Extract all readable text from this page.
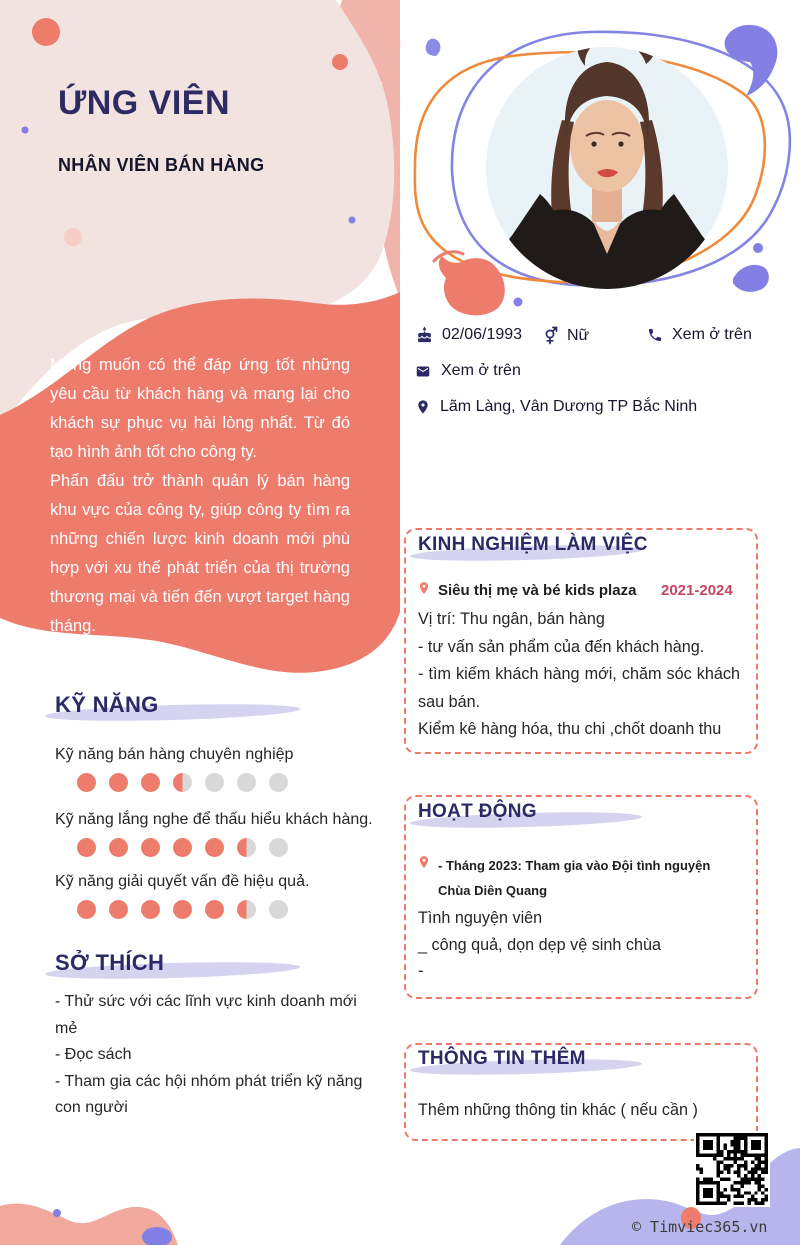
ỨNG VIÊN
NHÂN VIÊN BÁN HÀNG
Mong muốn có thể đáp ứng tốt những yêu cầu từ khách hàng và mang lại cho khách sự phục vụ hài lòng nhất. Từ đó tạo hình ảnh tốt cho công ty.
Phấn đấu trở thành quản lý bán hàng khu vực của công ty, giúp công ty tìm ra những chiến lược kinh doanh mới phù hợp với xu thế phát triển của thị trường thương mại và tiến đến vượt target hàng tháng.
KỸ NĂNG
Kỹ năng bán hàng chuyên nghiệp
Kỹ năng lắng nghe để thấu hiểu khách hàng.
Kỹ năng giải quyết vấn đề hiệu quả.
SỞ THÍCH
- Thử sức với các lĩnh vực kinh doanh mới mẻ
- Đọc sách
- Tham gia các hội nhóm phát triển kỹ năng con người
02/06/1993	Nữ	Xem ở trên
Xem ở trên
Lãm Làng, Vân Dương TP Bắc Ninh
KINH NGHIỆM LÀM VIỆC
Siêu thị mẹ và bé kids plaza 2021-2024
Vị trí: Thu ngân, bán hàng
- tư vấn sản phẩm của đến khách hàng.
- tìm kiếm khách hàng mới, chăm sóc khách sau bán.
Kiểm kê hàng hóa, thu chi ,chốt doanh thu
HOẠT ĐỘNG
- Tháng 2023: Tham gia vào Đội tình nguyện Chùa Diên Quang
Tình nguyện viên
_ công quả, dọn dẹp vệ sinh chùa
-
THÔNG TIN THÊM
Thêm những thông tin khác ( nếu cần )
© Timviec365.vn
